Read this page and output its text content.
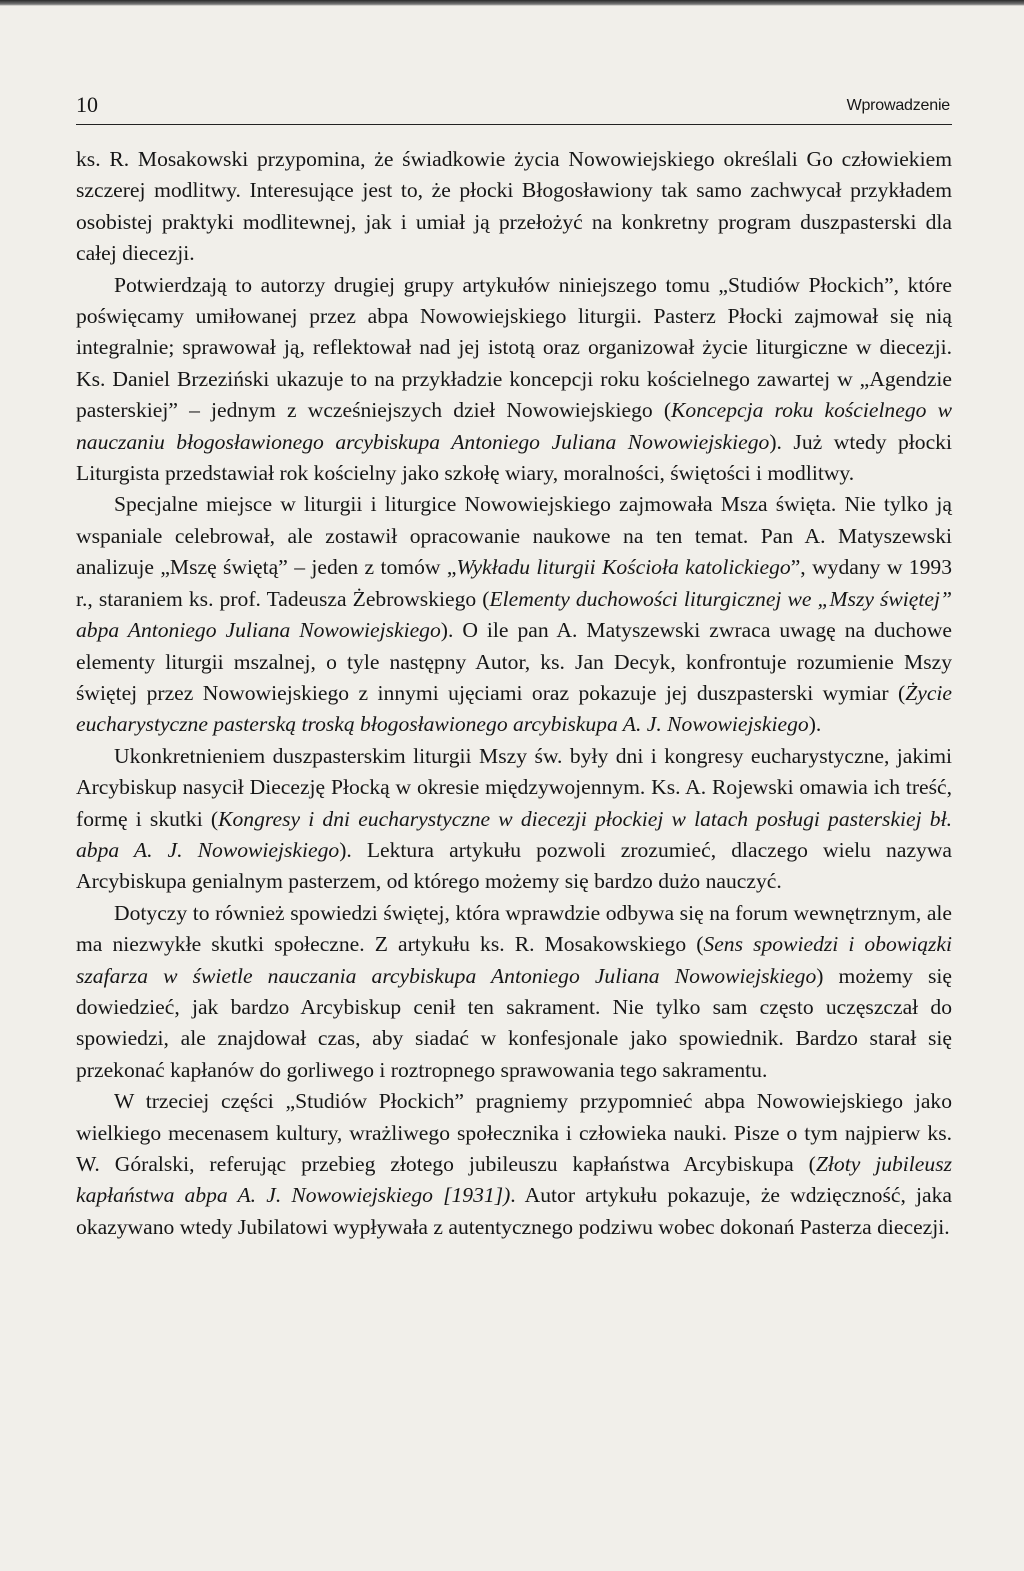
10	Wprowadzenie

ks. R. Mosakowski przypomina, że świadkowie życia Nowowiejskiego określali Go człowiekiem szczerej modlitwy. Interesujące jest to, że płocki Błogosławiony tak samo zachwycał przykładem osobistej praktyki modlitewnej, jak i umiał ją przełożyć na konkretny program duszpasterski dla całej diecezji.

Potwierdzają to autorzy drugiej grupy artykułów niniejszego tomu „Studiów Płockich”, które poświęcamy umiłowanej przez abpa Nowowiejskiego liturgii. Pasterz Płocki zajmował się nią integralnie; sprawował ją, reflektował nad jej istotą oraz organizował życie liturgiczne w diecezji. Ks. Daniel Brzeziński ukazuje to na przykładzie koncepcji roku kościelnego zawartej w „Agendzie pasterskiej” – jednym z wcześniejszych dzieł Nowowiejskiego (Koncepcja roku kościelnego w nauczaniu błogosławionego arcybiskupa Antoniego Juliana Nowowiejskiego). Już wtedy płocki Liturgista przedstawiał rok kościelny jako szkołę wiary, moralności, świętości i modlitwy.

Specjalne miejsce w liturgii i liturgice Nowowiejskiego zajmowała Msza święta. Nie tylko ją wspaniale celebrował, ale zostawił opracowanie naukowe na ten temat. Pan A. Matyszewski analizuje „Mszę świętą” – jeden z tomów „Wykładu liturgii Kościoła katolickiego”, wydany w 1993 r., staraniem ks. prof. Tadeusza Żebrowskiego (Elementy duchowości liturgicznej we „Mszy świętej” abpa Antoniego Juliana Nowowiejskiego). O ile pan A. Matyszewski zwraca uwagę na duchowe elementy liturgii mszalnej, o tyle następny Autor, ks. Jan Decyk, konfrontuje rozumienie Mszy świętej przez Nowowiejskiego z innymi ujęciami oraz pokazuje jej duszpasterski wymiar (Życie eucharystyczne pasterską troską błogosławionego arcybiskupa A. J. Nowowiejskiego).

Ukonkretnieniem duszpasterskim liturgii Mszy św. były dni i kongresy eucharystyczne, jakimi Arcybiskup nasycił Diecezję Płocką w okresie międzywojennym. Ks. A. Rojewski omawia ich treść, formę i skutki (Kongresy i dni eucharystyczne w diecezji płockiej w latach posługi pasterskiej bł. abpa A. J. Nowowiejskiego). Lektura artykułu pozwoli zrozumieć, dlaczego wielu nazywa Arcybiskupa genialnym pasterzem, od którego możemy się bardzo dużo nauczyć.

Dotyczy to również spowiedzi świętej, która wprawdzie odbywa się na forum wewnętrznym, ale ma niezwykłe skutki społeczne. Z artykułu ks. R. Mosakowskiego (Sens spowiedzi i obowiązki szafarza w świetle nauczania arcybiskupa Antoniego Juliana Nowowiejskiego) możemy się dowiedzieć, jak bardzo Arcybiskup cenił ten sakrament. Nie tylko sam często uczęszczał do spowiedzi, ale znajdował czas, aby siadać w konfesjonale jako spowiednik. Bardzo starał się przekonać kapłanów do gorliwego i roztropnego sprawowania tego sakramentu.

W trzeciej części „Studiów Płockich” pragniemy przypomnieć abpa Nowowiejskiego jako wielkiego mecenasem kultury, wrażliwego społecznika i człowieka nauki. Pisze o tym najpierw ks. W. Góralski, referując przebieg złotego jubileuszu kapłaństwa Arcybiskupa (Złoty jubileusz kapłaństwa abpa A. J. Nowowiejskiego [1931]). Autor artykułu pokazuje, że wdzięczność, jaka okazywano wtedy Jubilatowi wypływała z autentycznego podziwu wobec dokonań Pasterza diecezji.
